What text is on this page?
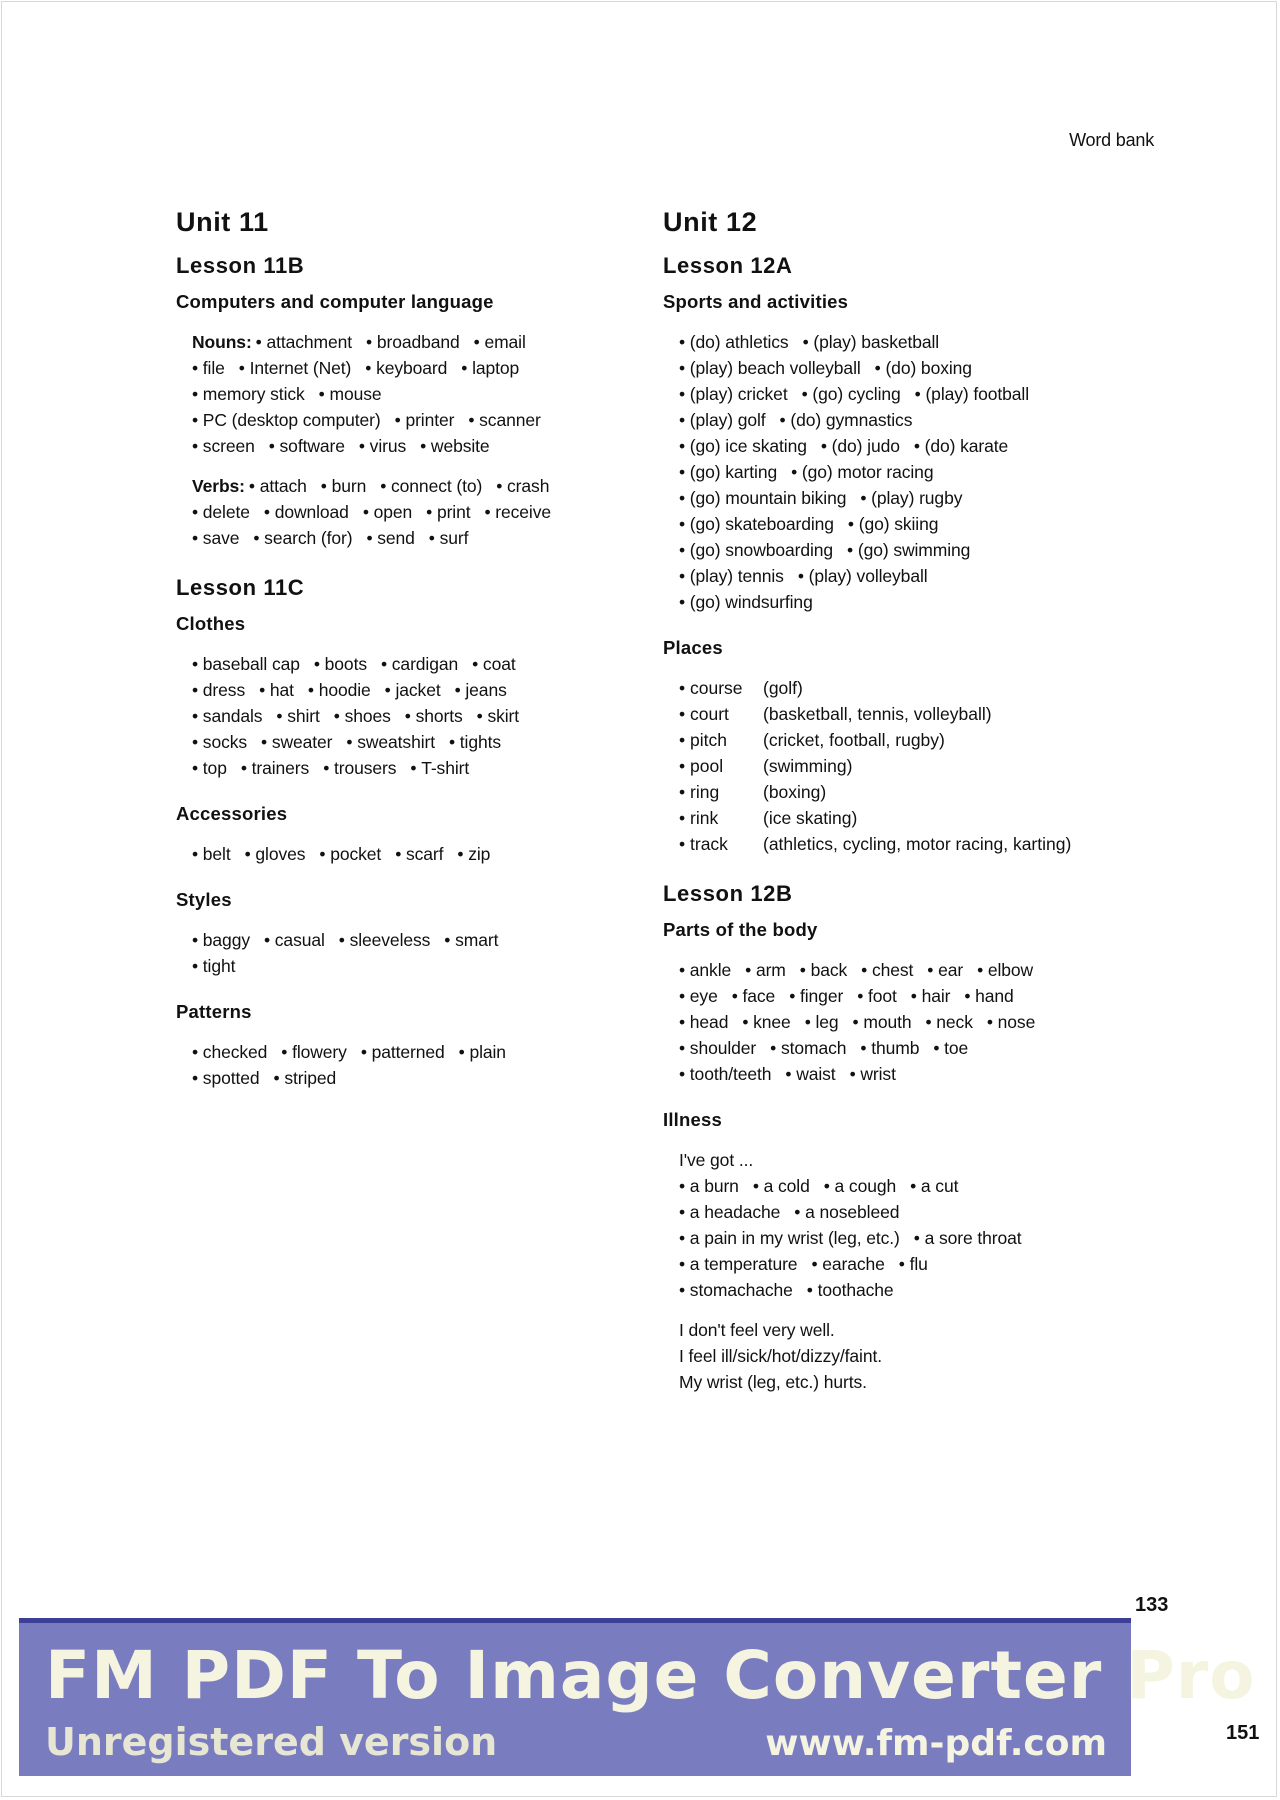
Word bank
Unit 11
Lesson 11B
Computers and computer language
Nouns: • attachment • broadband • email
• file • Internet (Net) • keyboard • laptop
• memory stick • mouse
• PC (desktop computer) • printer • scanner
• screen • software • virus • website
Verbs: • attach • burn • connect (to) • crash
• delete • download • open • print • receive
• save • search (for) • send • surf
Lesson 11C
Clothes
• baseball cap • boots • cardigan • coat
• dress • hat • hoodie • jacket • jeans
• sandals • shirt • shoes • shorts • skirt
• socks • sweater • sweatshirt • tights
• top • trainers • trousers • T-shirt
Accessories
• belt • gloves • pocket • scarf • zip
Styles
• baggy • casual • sleeveless • smart
• tight
Patterns
• checked • flowery • patterned • plain
• spotted • striped
Unit 12
Lesson 12A
Sports and activities
• (do) athletics • (play) basketball
• (play) beach volleyball • (do) boxing
• (play) cricket • (go) cycling • (play) football
• (play) golf • (do) gymnastics
• (go) ice skating • (do) judo • (do) karate
• (go) karting • (go) motor racing
• (go) mountain biking • (play) rugby
• (go) skateboarding • (go) skiing
• (go) snowboarding • (go) swimming
• (play) tennis • (play) volleyball
• (go) windsurfing
Places
• course	(golf)
• court	(basketball, tennis, volleyball)
• pitch	(cricket, football, rugby)
• pool	(swimming)
• ring	(boxing)
• rink	(ice skating)
• track	(athletics, cycling, motor racing, karting)
Lesson 12B
Parts of the body
• ankle • arm • back • chest • ear • elbow
• eye • face • finger • foot • hair • hand
• head • knee • leg • mouth • neck • nose
• shoulder • stomach • thumb • toe
• tooth/teeth • waist • wrist
Illness
I've got ...
• a burn • a cold • a cough • a cut
• a headache • a nosebleed
• a pain in my wrist (leg, etc.) • a sore throat
• a temperature • earache • flu
• stomachache • toothache
I don't feel very well.
I feel ill/sick/hot/dizzy/faint.
My wrist (leg, etc.) hurts.
133
FM PDF To Image Converter Pro
Unregistered version	www.fm-pdf.com	151
